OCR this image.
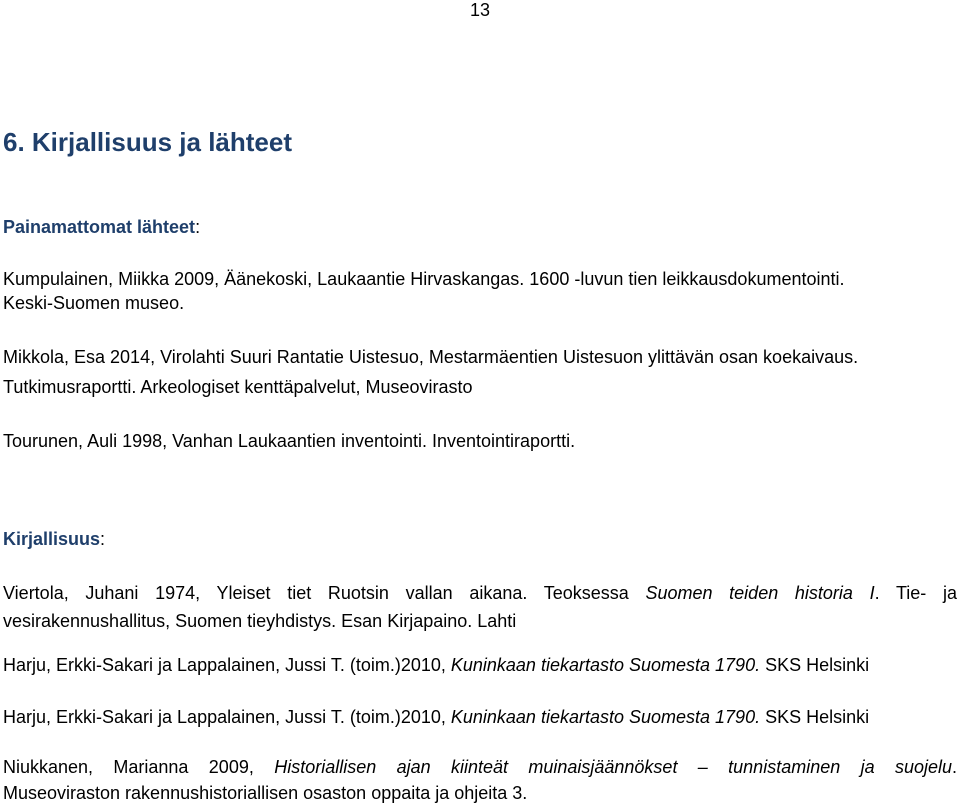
13
6. Kirjallisuus ja lähteet
Painamattomat lähteet:
Kumpulainen, Miikka 2009, Äänekoski, Laukaantie Hirvaskangas. 1600 -luvun tien leikkausdokumentointi.
Keski-Suomen museo.
Mikkola, Esa 2014, Virolahti Suuri Rantatie Uistesuo, Mestarmäentien Uistesuon ylittävän osan koekaivaus.
Tutkimusraportti. Arkeologiset kenttäpalvelut, Museovirasto
Tourunen, Auli 1998, Vanhan Laukaantien inventointi. Inventointiraportti.
Kirjallisuus:
Viertola, Juhani 1974, Yleiset tiet Ruotsin vallan aikana. Teoksessa Suomen teiden historia I. Tie- ja
vesirakennushallitus, Suomen tieyhdistys. Esan Kirjapaino. Lahti
Harju, Erkki-Sakari ja Lappalainen, Jussi T. (toim.)2010, Kuninkaan tiekartasto Suomesta 1790. SKS Helsinki
Harju, Erkki-Sakari ja Lappalainen, Jussi T. (toim.)2010, Kuninkaan tiekartasto Suomesta 1790. SKS Helsinki
Niukkanen, Marianna 2009, Historiallisen ajan kiinteät muinaisjäännökset – tunnistaminen ja suojelu.
Museoviraston rakennushistoriallisen osaston oppaita ja ohjeita 3.
